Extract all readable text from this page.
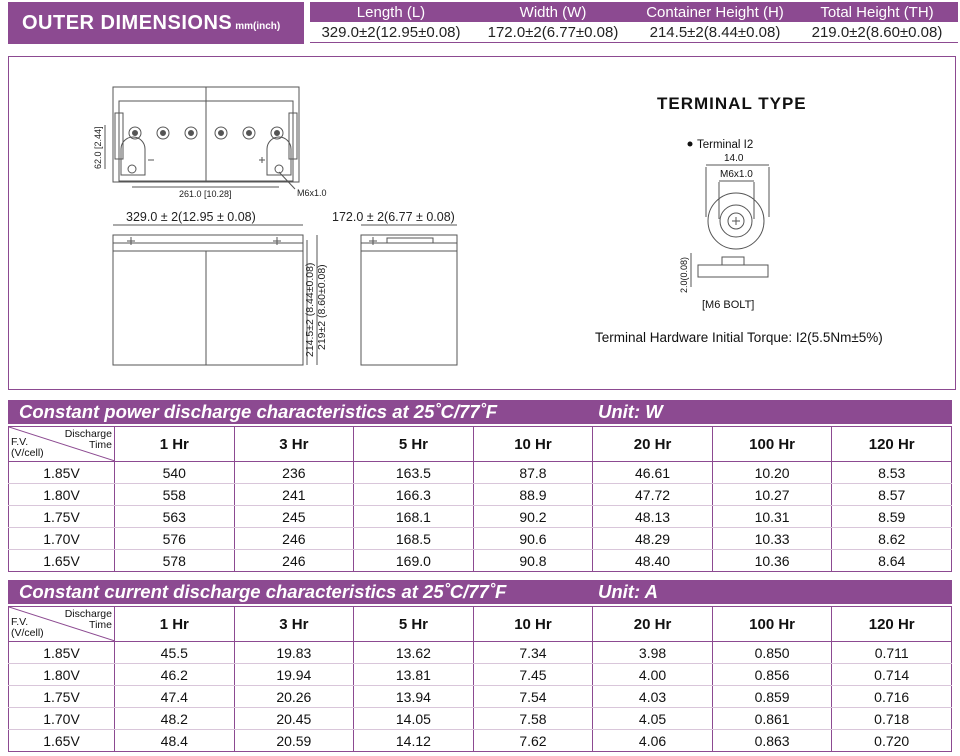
OUTER DIMENSIONS mm(inch)
Length (L)	Width (W)	Container Height (H)	Total Height (TH)
329.0±2(12.95±0.08)	172.0±2(6.77±0.08)	214.5±2(8.44±0.08)	219.0±2(8.60±0.08)
62.0 [2.44]
261.0 [10.28]	M6x1.0
329.0 ± 2(12.95 ± 0.08)	172.0 ± 2(6.77 ± 0.08)
214.5±2 (8.44±0.08) 219±2 (8.60±0.08)
TERMINAL TYPE
Terminal I2
14.0
M6x1.0
2.0(0.08)
[M6 BOLT]
Terminal Hardware Initial Torque: I2(5.5Nm±5%)
Constant power discharge characteristics at 25˚C/77˚F	Unit: W
Discharge
Time
F.V.
(V/cell)	1 Hr	3 Hr	5 Hr	10 Hr	20 Hr	100 Hr	120 Hr
1.85V	540	236	163.5	87.8	46.61	10.20	8.53
1.80V	558	241	166.3	88.9	47.72	10.27	8.57
1.75V	563	245	168.1	90.2	48.13	10.31	8.59
1.70V	576	246	168.5	90.6	48.29	10.33	8.62
1.65V	578	246	169.0	90.8	48.40	10.36	8.64
Constant current discharge characteristics at 25˚C/77˚F	Unit: A
Discharge
Time
F.V.
(V/cell)	1 Hr	3 Hr	5 Hr	10 Hr	20 Hr	100 Hr	120 Hr
1.85V	45.5	19.83	13.62	7.34	3.98	0.850	0.711
1.80V	46.2	19.94	13.81	7.45	4.00	0.856	0.714
1.75V	47.4	20.26	13.94	7.54	4.03	0.859	0.716
1.70V	48.2	20.45	14.05	7.58	4.05	0.861	0.718
1.65V	48.4	20.59	14.12	7.62	4.06	0.863	0.720
